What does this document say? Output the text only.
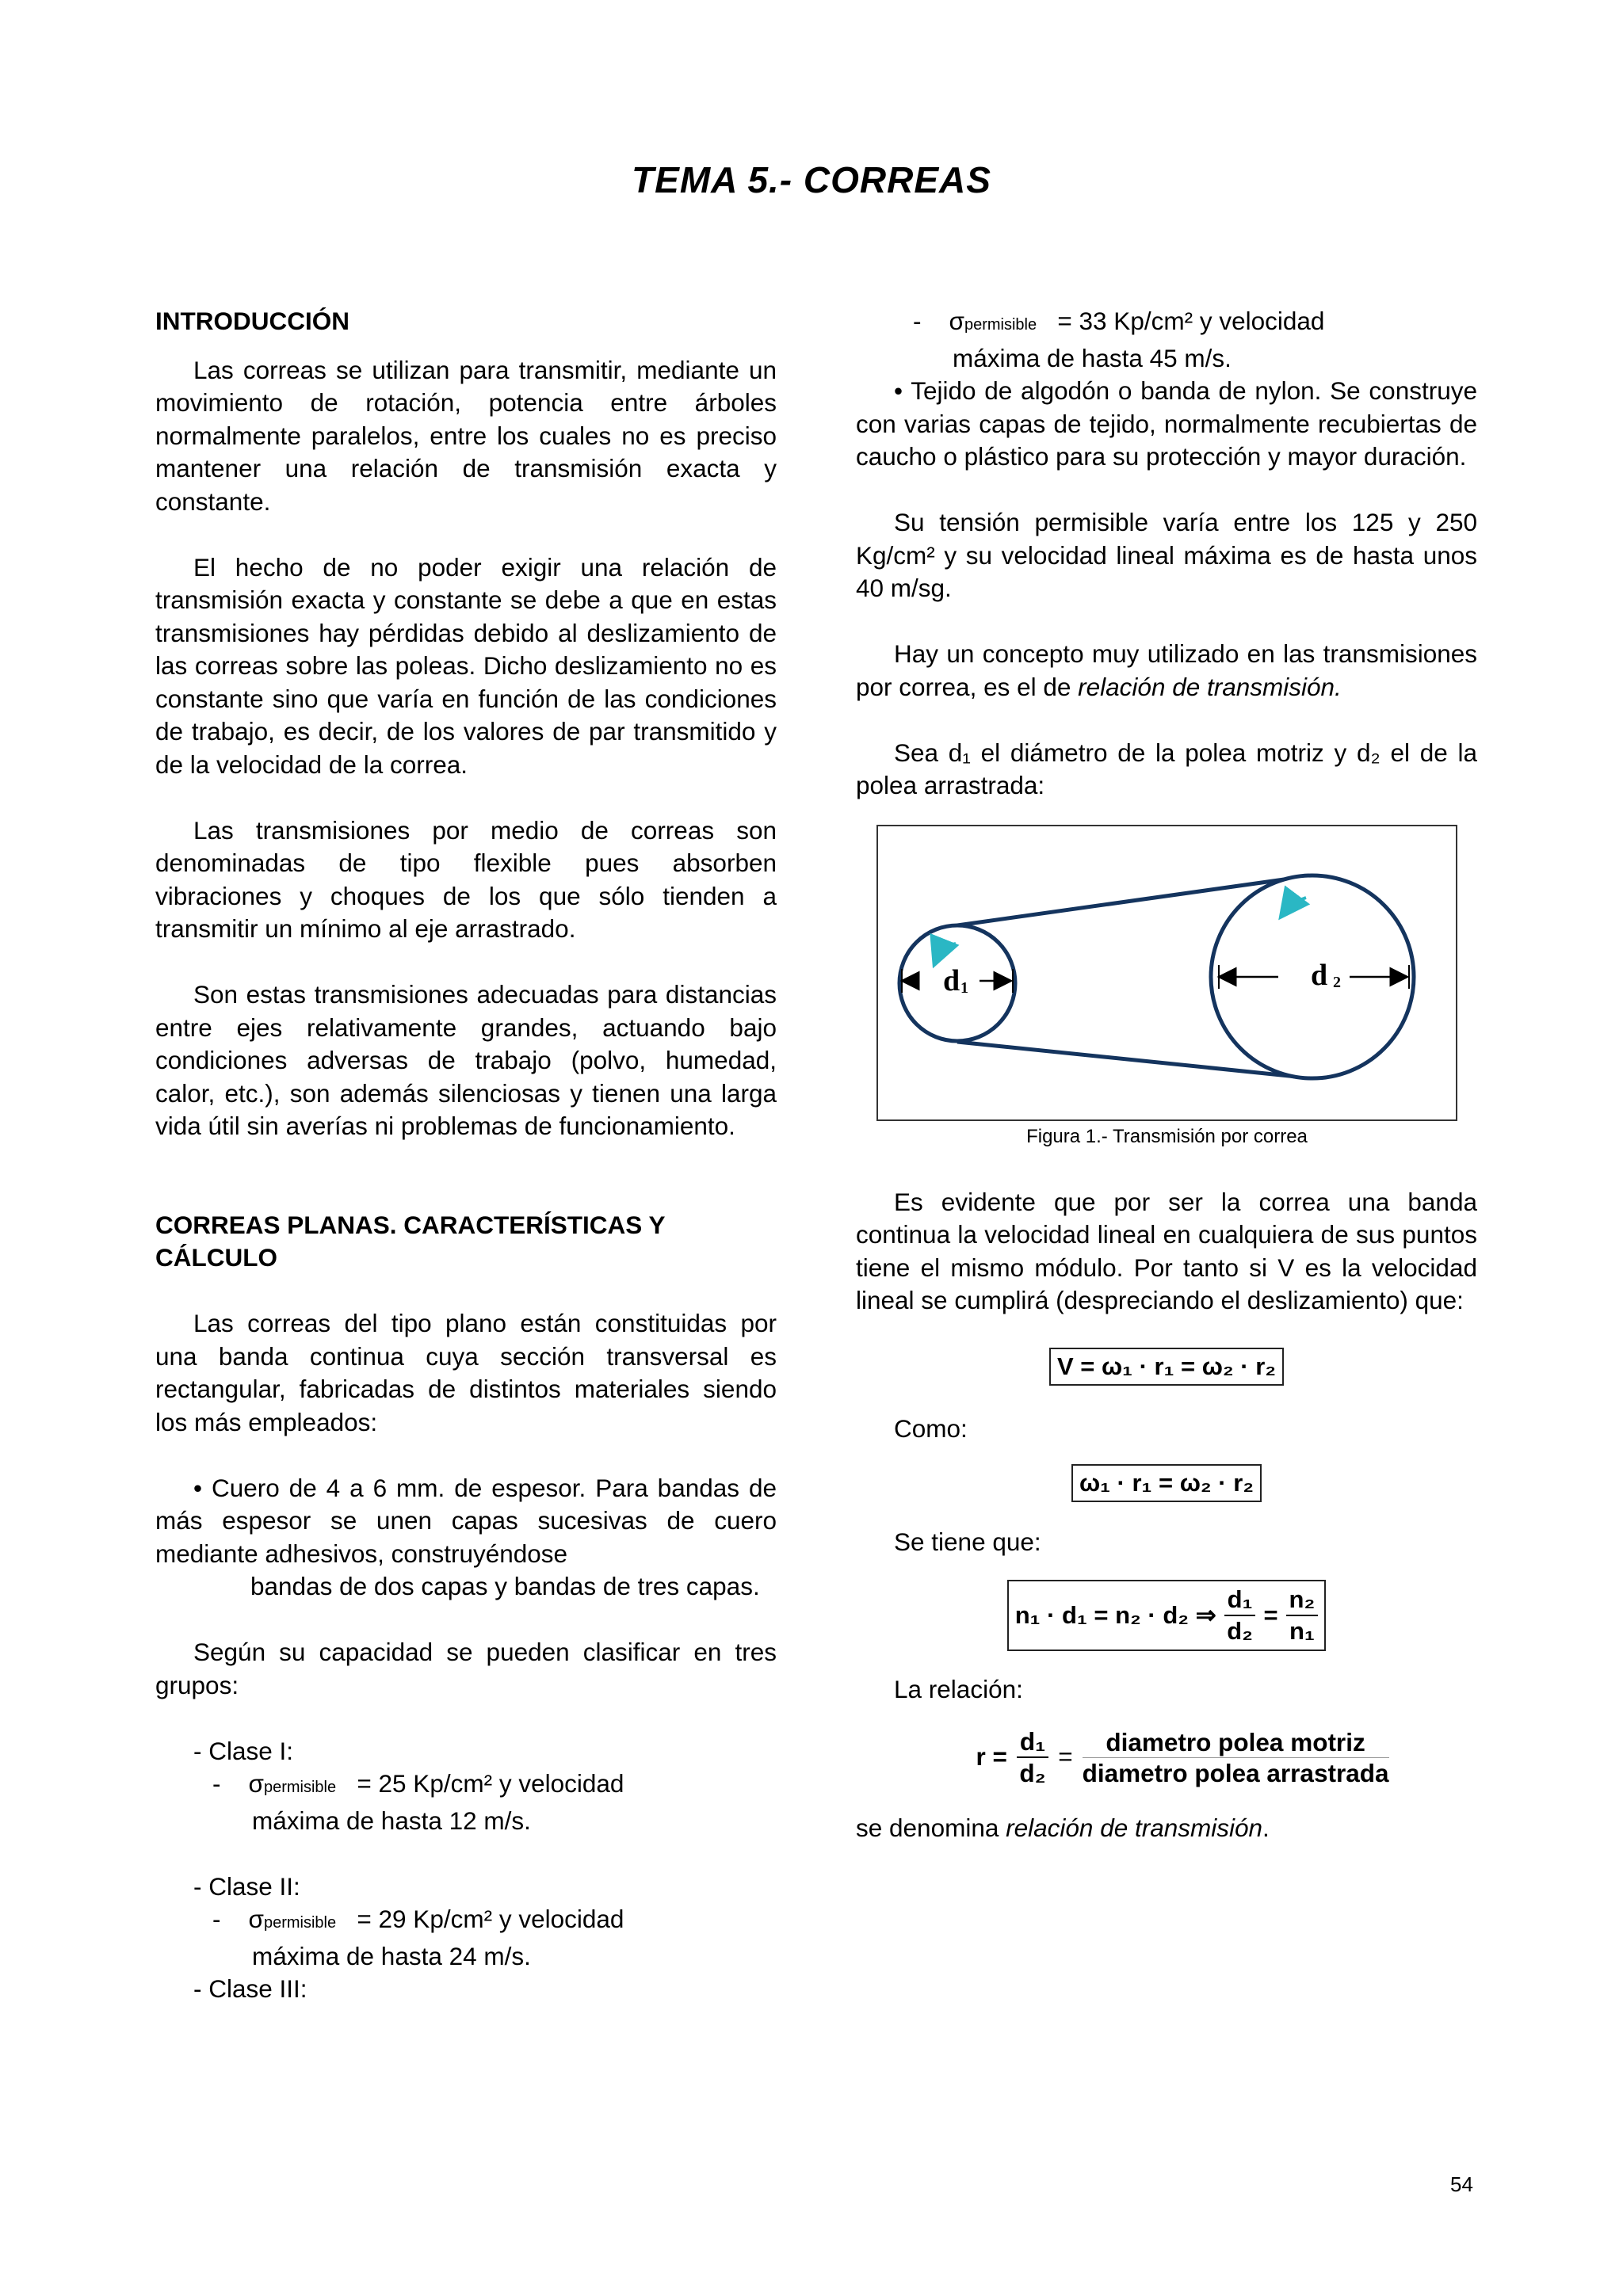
TEMA 5.- CORREAS
INTRODUCCIÓN

Las correas se utilizan para transmitir, mediante un movimiento de rotación, potencia entre árboles normalmente paralelos, entre los cuales no es preciso mantener una relación de transmisión exacta y constante.

El hecho de no poder exigir una relación de transmisión exacta y constante se debe a que en estas transmisiones hay pérdidas debido al deslizamiento de las correas sobre las poleas. Dicho deslizamiento no es constante sino que varía en función de las condiciones de trabajo, es decir, de los valores de par transmitido y de la velocidad de la correa.

Las transmisiones por medio de correas son denominadas de tipo flexible pues absorben vibraciones y choques de los que sólo tienden a transmitir un mínimo al eje arrastrado.

Son estas transmisiones adecuadas para distancias entre ejes relativamente grandes, actuando bajo condiciones adversas de trabajo (polvo, humedad, calor, etc.), son además silenciosas y tienen una larga vida útil sin averías ni problemas de funcionamiento.

CORREAS PLANAS. CARACTERÍSTICAS Y
CÁLCULO

Las correas del tipo plano están constituidas por una banda continua cuya sección transversal es rectangular, fabricadas de distintos materiales siendo los más empleados:

• Cuero de 4 a 6 mm. de espesor. Para bandas de más espesor se unen capas sucesivas de cuero mediante adhesivos, construyéndose

bandas de dos capas y bandas de tres capas.

Según su capacidad se pueden clasificar en tres grupos:

- Clase I:

-    σpermisible = 25 Kp/cm² y velocidad

máxima de hasta 12 m/s.

- Clase II:

-    σpermisible = 29 Kp/cm² y velocidad

máxima de hasta 24 m/s.

- Clase III:

-    σpermisible = 33 Kp/cm² y velocidad

máxima de hasta 45 m/s.

• Tejido de algodón o banda de nylon. Se construye con varias capas de tejido, normalmente recubiertas de caucho o plástico para su protección y mayor duración.

Su tensión permisible varía entre los 125 y 250 Kg/cm² y su velocidad lineal máxima es de hasta unos 40 m/sg.

Hay un concepto muy utilizado en las transmisiones por correa, es el de relación de transmisión.

Sea d₁ el diámetro de la polea motriz y d₂ el de la polea arrastrada:

d 1	d 2
Figura 1.- Transmisión por correa

Es evidente que por ser la correa una banda continua la velocidad lineal en cualquiera de sus puntos tiene el mismo módulo. Por tanto si V es la velocidad lineal se cumplirá (despreciando el deslizamiento) que:

V = ω₁ · r₁ = ω₂ · r₂

Como:

ω₁ · r₁ = ω₂ · r₂

Se tiene que:

n₁ · d₁ = n₂ · d₂ ⇒ $\frac{\text{d₁}}{\text{d₂}} = \frac{\text{n₂}}{\text{n₁}}$

La relación:

$r = \frac{\text{d₁}}{\text{d₂}} = \frac{\text{diametro polea motriz}}{\text{diametro polea arrastrada}}$

se denomina relación de transmisión.

54
